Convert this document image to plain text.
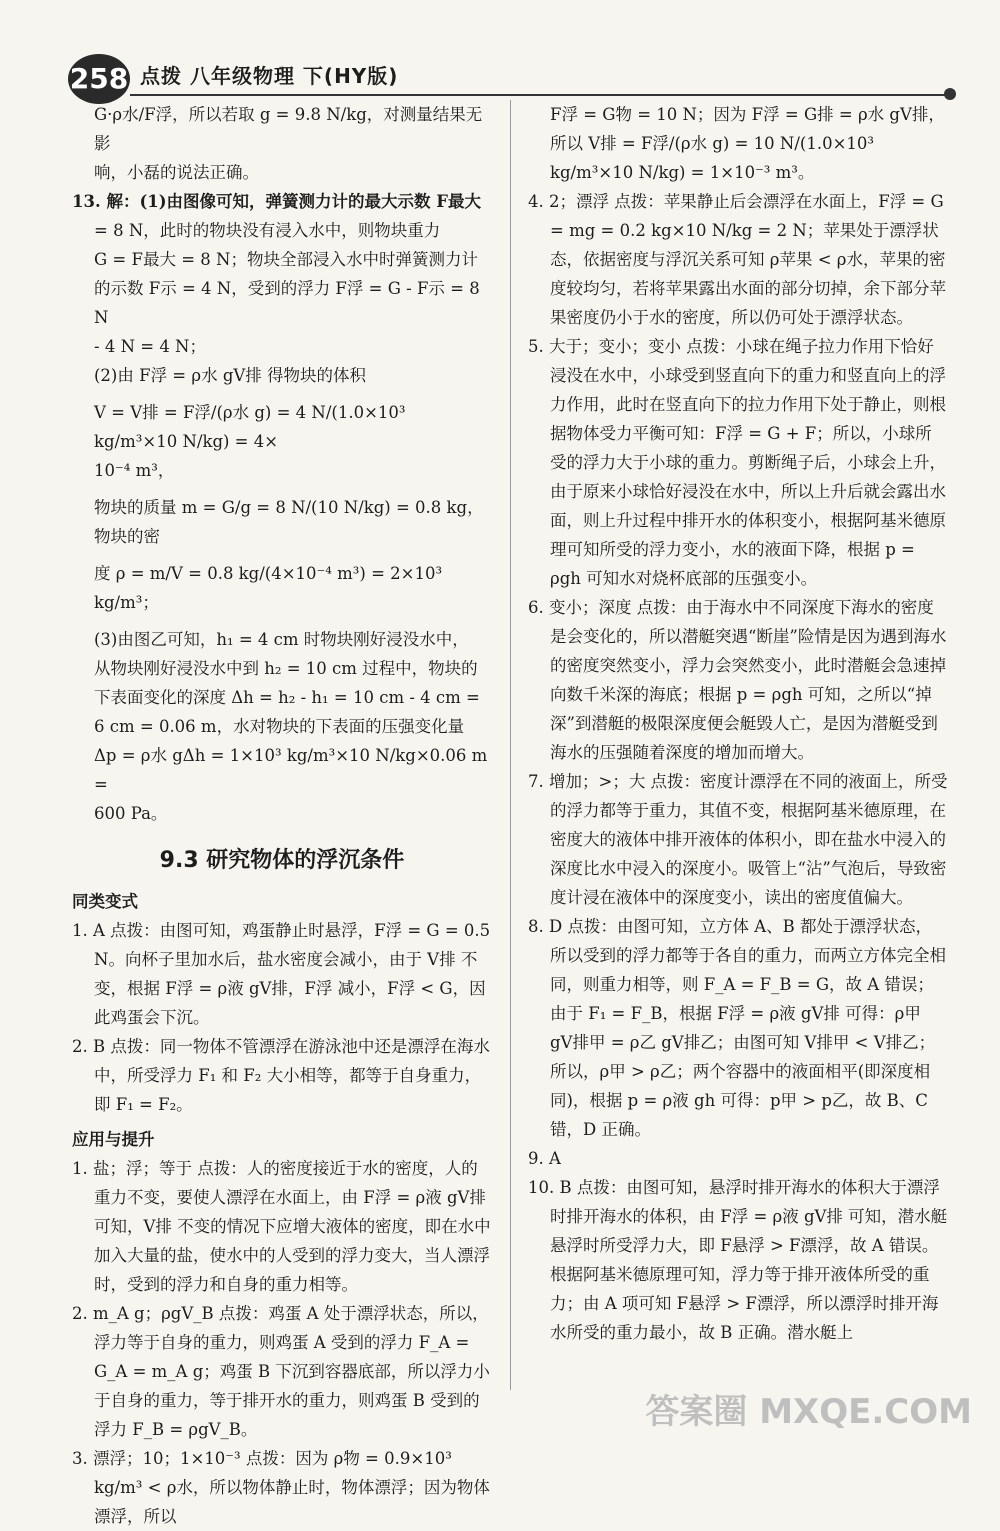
258 点拨 八年级物理 下(HY版)

G·ρ水/F浮，所以若取 g = 9.8 N/kg，对测量结果无影

响，小磊的说法正确。

13. 解：(1)由图像可知，弹簧测力计的最大示数 F最大

= 8 N，此时的物块没有浸入水中，则物块重力

G = F最大 = 8 N；物块全部浸入水中时弹簧测力计

的示数 F示 = 4 N，受到的浮力 F浮 = G - F示 = 8 N

- 4 N = 4 N；

(2)由 F浮 = ρ水 gV排 得物块的体积

V = V排 = F浮/(ρ水 g) = 4 N/(1.0×10³ kg/m³×10 N/kg) = 4×

10⁻⁴ m³，

物块的质量 m = G/g = 8 N/(10 N/kg) = 0.8 kg，物块的密

度 ρ = m/V = 0.8 kg/(4×10⁻⁴ m³) = 2×10³ kg/m³；

(3)由图乙可知，h₁ = 4 cm 时物块刚好浸没水中，

从物块刚好浸没水中到 h₂ = 10 cm 过程中，物块的

下表面变化的深度 Δh = h₂ - h₁ = 10 cm - 4 cm =

6 cm = 0.06 m，水对物块的下表面的压强变化量

Δp = ρ水 gΔh = 1×10³ kg/m³×10 N/kg×0.06 m =

600 Pa。

9.3 研究物体的浮沉条件

同类变式

1. A 点拨：由图可知，鸡蛋静止时悬浮，F浮 = G = 0.5 N。向杯子里加水后，盐水密度会减小，由于 V排 不变，根据 F浮 = ρ液 gV排，F浮 减小，F浮 < G，因此鸡蛋会下沉。

2. B 点拨：同一物体不管漂浮在游泳池中还是漂浮在海水中，所受浮力 F₁ 和 F₂ 大小相等，都等于自身重力，即 F₁ = F₂。

应用与提升

1. 盐；浮；等于 点拨：人的密度接近于水的密度，人的重力不变，要使人漂浮在水面上，由 F浮 = ρ液 gV排 可知，V排 不变的情况下应增大液体的密度，即在水中加入大量的盐，使水中的人受到的浮力变大，当人漂浮时，受到的浮力和自身的重力相等。

2. m_A g；ρgV_B 点拨：鸡蛋 A 处于漂浮状态，所以，浮力等于自身的重力，则鸡蛋 A 受到的浮力 F_A = G_A = m_A g；鸡蛋 B 下沉到容器底部，所以浮力小于自身的重力，等于排开水的重力，则鸡蛋 B 受到的浮力 F_B = ρgV_B。

3. 漂浮；10；1×10⁻³ 点拨：因为 ρ物 = 0.9×10³ kg/m³ < ρ水，所以物体静止时，物体漂浮；因为物体漂浮，所以

F浮 = G物 = 10 N；因为 F浮 = G排 = ρ水 gV排，所以 V排 = F浮/(ρ水 g) = 10 N/(1.0×10³ kg/m³×10 N/kg) = 1×10⁻³ m³。

4. 2；漂浮 点拨：苹果静止后会漂浮在水面上，F浮 = G = mg = 0.2 kg×10 N/kg = 2 N；苹果处于漂浮状态，依据密度与浮沉关系可知 ρ苹果 < ρ水，苹果的密度较均匀，若将苹果露出水面的部分切掉，余下部分苹果密度仍小于水的密度，所以仍可处于漂浮状态。

5. 大于；变小；变小 点拨：小球在绳子拉力作用下恰好浸没在水中，小球受到竖直向下的重力和竖直向上的浮力作用，此时在竖直向下的拉力作用下处于静止，则根据物体受力平衡可知：F浮 = G + F；所以，小球所受的浮力大于小球的重力。剪断绳子后，小球会上升，由于原来小球恰好浸没在水中，所以上升后就会露出水面，则上升过程中排开水的体积变小，根据阿基米德原理可知所受的浮力变小，水的液面下降，根据 p = ρgh 可知水对烧杯底部的压强变小。

6. 变小；深度 点拨：由于海水中不同深度下海水的密度是会变化的，所以潜艇突遇“断崖”险情是因为遇到海水的密度突然变小，浮力会突然变小，此时潜艇会急速掉向数千米深的海底；根据 p = ρgh 可知，之所以“掉深”到潜艇的极限深度便会艇毁人亡，是因为潜艇受到海水的压强随着深度的增加而增大。

7. 增加；>；大 点拨：密度计漂浮在不同的液面上，所受的浮力都等于重力，其值不变，根据阿基米德原理，在密度大的液体中排开液体的体积小，即在盐水中浸入的深度比水中浸入的深度小。吸管上“沾”气泡后，导致密度计浸在液体中的深度变小，读出的密度值偏大。

8. D 点拨：由图可知，立方体 A、B 都处于漂浮状态，所以受到的浮力都等于各自的重力，而两立方体完全相同，则重力相等，则 F_A = F_B = G，故 A 错误；由于 F₁ = F_B，根据 F浮 = ρ液 gV排 可得：ρ甲 gV排甲 = ρ乙 gV排乙；由图可知 V排甲 < V排乙；所以，ρ甲 > ρ乙；两个容器中的液面相平(即深度相同)，根据 p = ρ液 gh 可得：p甲 > p乙，故 B、C 错，D 正确。

9. A

10. B 点拨：由图可知，悬浮时排开海水的体积大于漂浮时排开海水的体积，由 F浮 = ρ液 gV排 可知，潜水艇悬浮时所受浮力大，即 F悬浮 > F漂浮，故 A 错误。根据阿基米德原理可知，浮力等于排开液体所受的重力；由 A 项可知 F悬浮 > F漂浮，所以漂浮时排开海水所受的重力最小，故 B 正确。潜水艇上

答案圈 MXQE.COM
